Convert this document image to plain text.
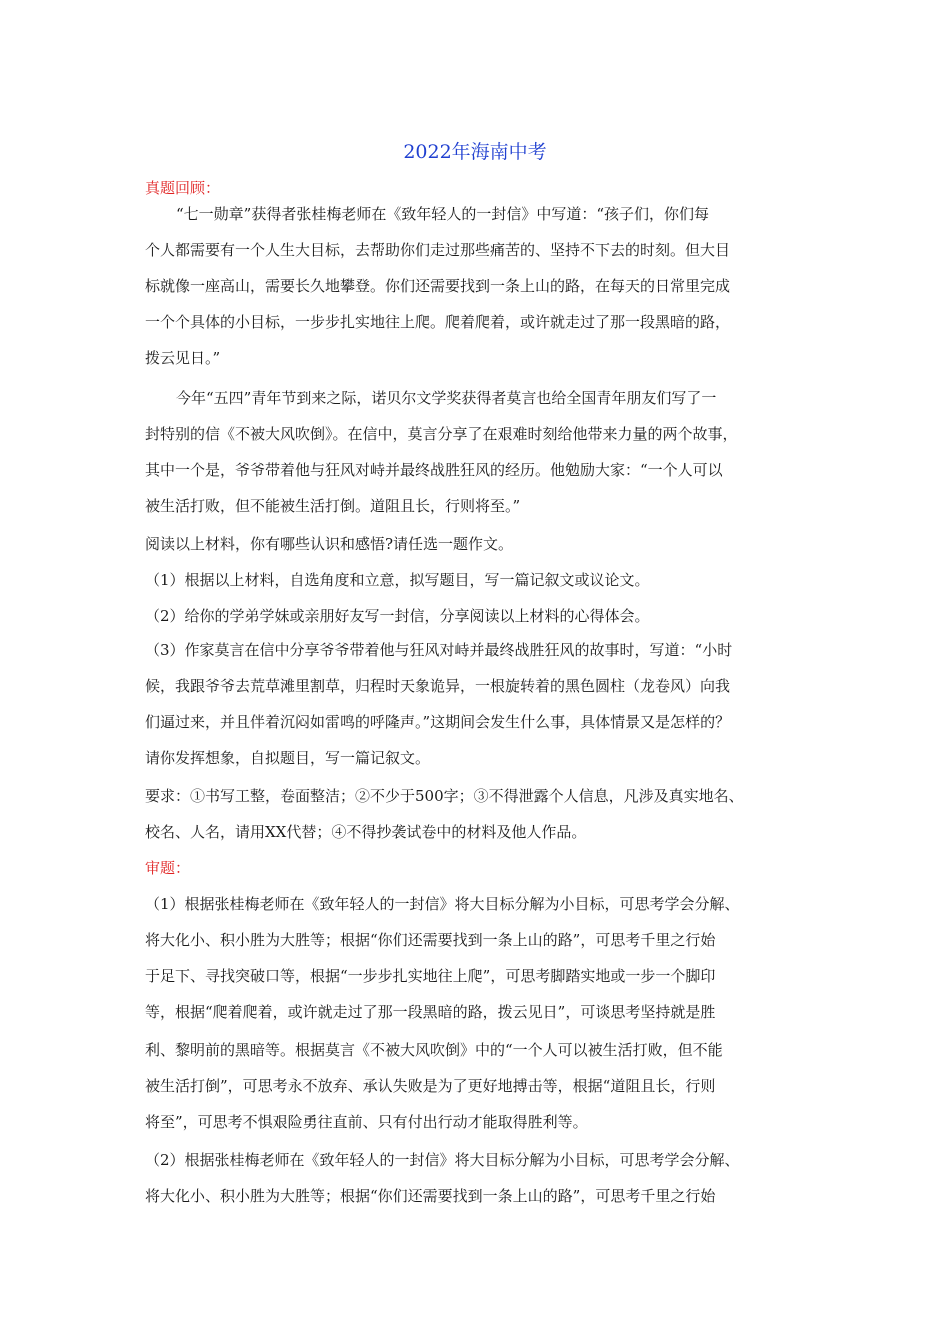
2022年海南中考
真题回顾：
“七一勋章”获得者张桂梅老师在《致年轻人的一封信》中写道：“孩子们，你们每
个人都需要有一个人生大目标，去帮助你们走过那些痛苦的、坚持不下去的时刻。但大目
标就像一座高山，需要长久地攀登。你们还需要找到一条上山的路，在每天的日常里完成
一个个具体的小目标，一步步扎实地往上爬。爬着爬着，或许就走过了那一段黑暗的路，
拨云见日。”
今年“五四”青年节到来之际，诺贝尔文学奖获得者莫言也给全国青年朋友们写了一
封特别的信《不被大风吹倒》。在信中，莫言分享了在艰难时刻给他带来力量的两个故事，
其中一个是，爷爷带着他与狂风对峙并最终战胜狂风的经历。他勉励大家：“一个人可以
被生活打败，但不能被生活打倒。道阻且长，行则将至。”
阅读以上材料，你有哪些认识和感悟?请任选一题作文。
（1）根据以上材料，自选角度和立意，拟写题目，写一篇记叙文或议论文。
（2）给你的学弟学妹或亲朋好友写一封信，分享阅读以上材料的心得体会。
（3）作家莫言在信中分享爷爷带着他与狂风对峙并最终战胜狂风的故事时，写道：“小时
候，我跟爷爷去荒草滩里割草，归程时天象诡异，一根旋转着的黑色圆柱（龙卷风）向我
们逼过来，并且伴着沉闷如雷鸣的呼隆声。”这期间会发生什么事，具体情景又是怎样的？
请你发挥想象，自拟题目，写一篇记叙文。
要求：①书写工整，卷面整洁；②不少于500字；③不得泄露个人信息，凡涉及真实地名、
校名、人名，请用XX代替；④不得抄袭试卷中的材料及他人作品。
审题：
（1）根据张桂梅老师在《致年轻人的一封信》将大目标分解为小目标，可思考学会分解、
将大化小、积小胜为大胜等；根据“你们还需要找到一条上山的路”，可思考千里之行始
于足下、寻找突破口等，根据“一步步扎实地往上爬”，可思考脚踏实地或一步一个脚印
等，根据“爬着爬着，或许就走过了那一段黑暗的路，拨云见日”，可谈思考坚持就是胜
利、黎明前的黑暗等。根据莫言《不被大风吹倒》中的“一个人可以被生活打败，但不能
被生活打倒”，可思考永不放弃、承认失败是为了更好地搏击等，根据“道阻且长，行则
将至”，可思考不惧艰险勇往直前、只有付出行动才能取得胜利等。
（2）根据张桂梅老师在《致年轻人的一封信》将大目标分解为小目标，可思考学会分解、
将大化小、积小胜为大胜等；根据“你们还需要找到一条上山的路”，可思考千里之行始
